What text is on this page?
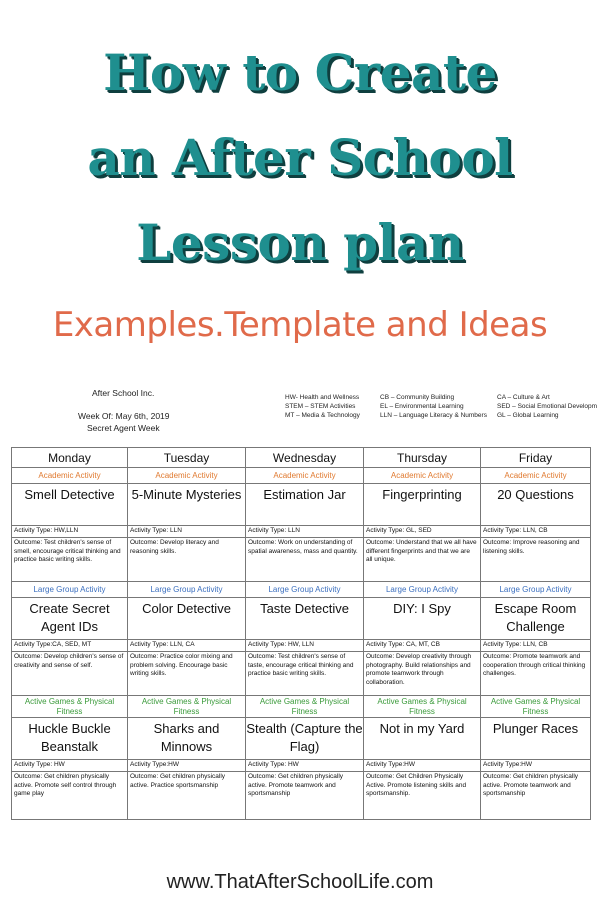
How to Create
an After School
Lesson plan
Examples.Template and Ideas
After School Inc.
Week Of: May 6th, 2019
Secret Agent Week
HW- Health and Wellness
STEM – STEM Activities
MT – Media & Technology
CB – Community Building
EL – Environmental Learning
LLN – Language Literacy & Numbers
CA – Culture & Art
SED – Social Emotional Developm
GL – Global Learning
Monday	Tuesday	Wednesday	Thursday	Friday
Academic Activity	Academic Activity	Academic Activity	Academic Activity	Academic Activity
Smell Detective	5-Minute Mysteries	Estimation Jar	Fingerprinting	20 Questions
Activity Type: HW,LLN	Activity Type: LLN	Activity Type: LLN	Activity Type: GL, SED	Activity Type: LLN, CB
Outcome: Test children's sense of smell, encourage critical thinking and practice basic writing skills.	Outcome: Develop literacy and reasoning skills.	Outcome: Work on understanding of spatial awareness, mass and quantity.	Outcome: Understand that we all have different fingerprints and that we are all unique.	Outcome: Improve reasoning and listening skills.
Large Group Activity	Large Group Activity	Large Group Activity	Large Group Activity	Large Group Activity
Create Secret Agent IDs	Color Detective	Taste Detective	DIY: I Spy	Escape Room Challenge
Activity Type:CA, SED, MT	Activity Type: LLN, CA	Activity Type: HW, LLN	Activity Type: CA, MT, CB	Activity Type: LLN, CB
Outcome: Develop children's sense of creativity and sense of self.	Outcome: Practice color mixing and problem solving. Encourage basic writing skills.	Outcome: Test children's sense of taste, encourage critical thinking and practice basic writing skills.	Outcome: Develop creativity through photography. Build relationships and promote teamwork through collaboration.	Outcome: Promote teamwork and cooperation through critical thinking challenges.
Active Games & Physical Fitness	Active Games & Physical Fitness	Active Games & Physical Fitness	Active Games & Physical Fitness	Active Games & Physical Fitness
Huckle Buckle Beanstalk	Sharks and Minnows	Stealth (Capture the Flag)	Not in my Yard	Plunger Races
Activity Type: HW	Activity Type:HW	Activity Type: HW	Activity Type:HW	Activity Type:HW
Outcome: Get children physically active. Promote self control through game play	Outcome: Get children physically active. Practice sportsmanship	Outcome: Get children physically active. Promote teamwork and sportsmanship	Outcome: Get Children Physically Active. Promote listening skills and sportsmanship.	Outcome: Get children physically active. Promote teamwork and sportsmanship
www.ThatAfterSchoolLife.com
